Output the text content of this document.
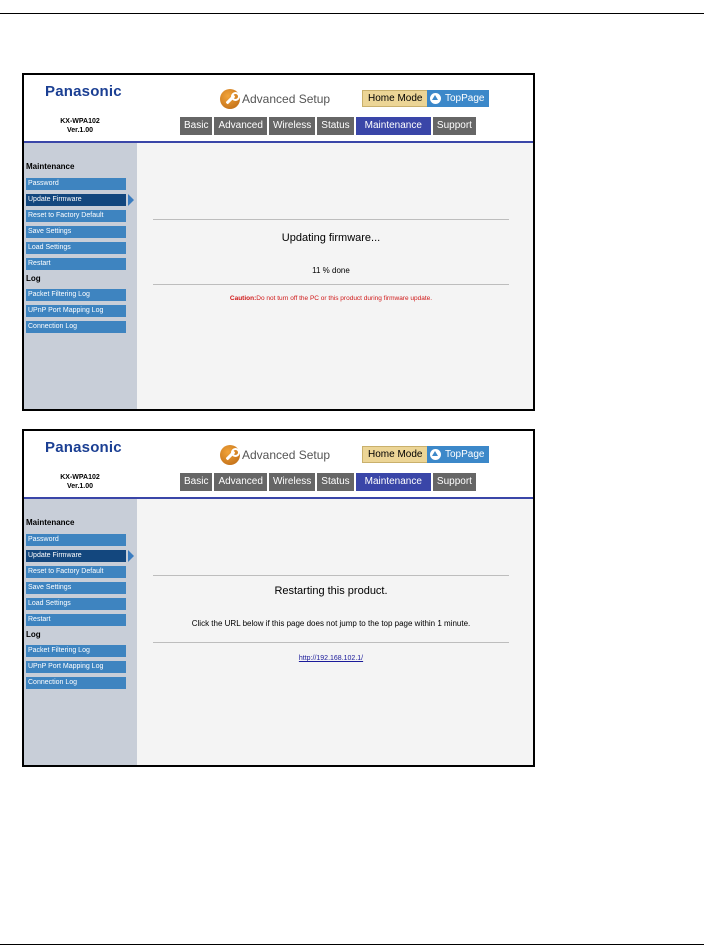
Panasonic
KX-WPA102
Ver.1.00
Advanced Setup	Home Mode	TopPage
Basic	Advanced	Wireless	Status	Maintenance	Support
Maintenance
Password
Update Firmware
Reset to Factory Default
Save Settings
Load Settings
Restart
Log
Packet Filtering Log
UPnP Port Mapping Log
Connection Log
Updating firmware...
11 % done
Caution:Do not turn off the PC or this product during firmware update.
Panasonic
KX-WPA102
Ver.1.00
Advanced Setup	Home Mode	TopPage
Basic	Advanced	Wireless	Status	Maintenance	Support
Maintenance
Password
Update Firmware
Reset to Factory Default
Save Settings
Load Settings
Restart
Log
Packet Filtering Log
UPnP Port Mapping Log
Connection Log
Restarting this product.
Click the URL below if this page does not jump to the top page within 1 minute.
http://192.168.102.1/
